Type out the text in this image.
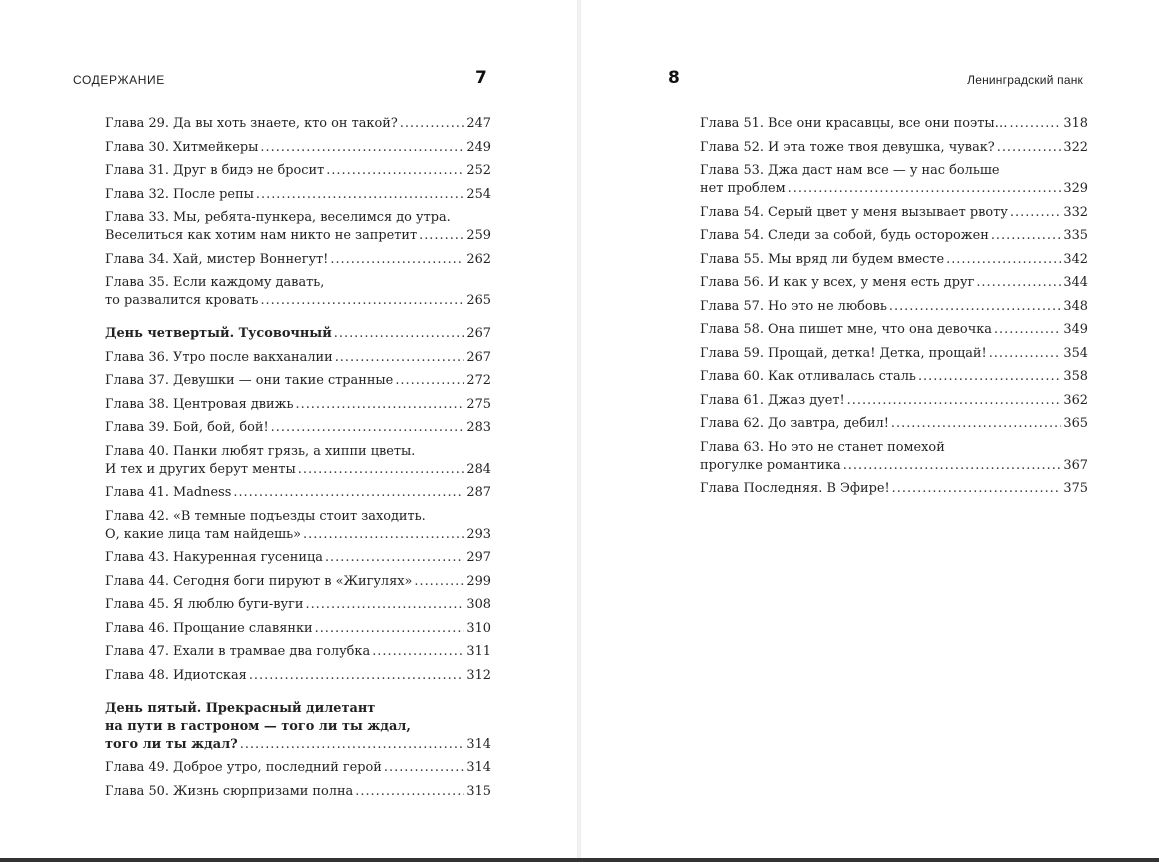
СОДЕРЖАНИЕ	7
Глава 29. Да вы хоть знаете, кто он такой? .....	247
Глава 30. Хитмейкеры .....	249
Глава 31. Друг в бидэ не бросит .....	252
Глава 32. После репы .....	254
Глава 33. Мы, ребята-пункера, веселимся до утра.
Веселиться как хотим нам никто не запретит .....	259
Глава 34. Хай, мистер Воннегут! .....	262
Глава 35. Если каждому давать,
то развалится кровать .....	265
День четвертый. Тусовочный .....	267
Глава 36. Утро после вакханалии .....	267
Глава 37. Девушки — они такие странные .....	272
Глава 38. Центровая движь .....	275
Глава 39. Бой, бой, бой! .....	283
Глава 40. Панки любят грязь, а хиппи цветы.
И тех и других берут менты .....	284
Глава 41. Madness .....	287
Глава 42. «В темные подъезды стоит заходить.
О, какие лица там найдешь» .....	293
Глава 43. Накуренная гусеница .....	297
Глава 44. Сегодня боги пируют в «Жигулях» .....	299
Глава 45. Я люблю буги-вуги .....	308
Глава 46. Прощание славянки .....	310
Глава 47. Ехали в трамвае два голубка .....	311
Глава 48. Идиотская .....	312
День пятый. Прекрасный дилетант
на пути в гастроном — того ли ты ждал,
того ли ты ждал? .....	314
Глава 49. Доброе утро, последний герой .....	314
Глава 50. Жизнь сюрпризами полна .....	315
8	Ленинградский панк
Глава 51. Все они красавцы, все они поэты… .....	318
Глава 52. И эта тоже твоя девушка, чувак? .....	322
Глава 53. Джа даст нам все — у нас больше
нет проблем .....	329
Глава 54. Серый цвет у меня вызывает рвоту .....	332
Глава 54. Следи за собой, будь осторожен .....	335
Глава 55. Мы вряд ли будем вместе .....	342
Глава 56. И как у всех, у меня есть друг .....	344
Глава 57. Но это не любовь .....	348
Глава 58. Она пишет мне, что она девочка .....	349
Глава 59. Прощай, детка! Детка, прощай! .....	354
Глава 60. Как отливалась сталь .....	358
Глава 61. Джаз дует! .....	362
Глава 62. До завтра, дебил! .....	365
Глава 63. Но это не станет помехой
прогулке романтика .....	367
Глава Последняя. В Эфире! .....	375
